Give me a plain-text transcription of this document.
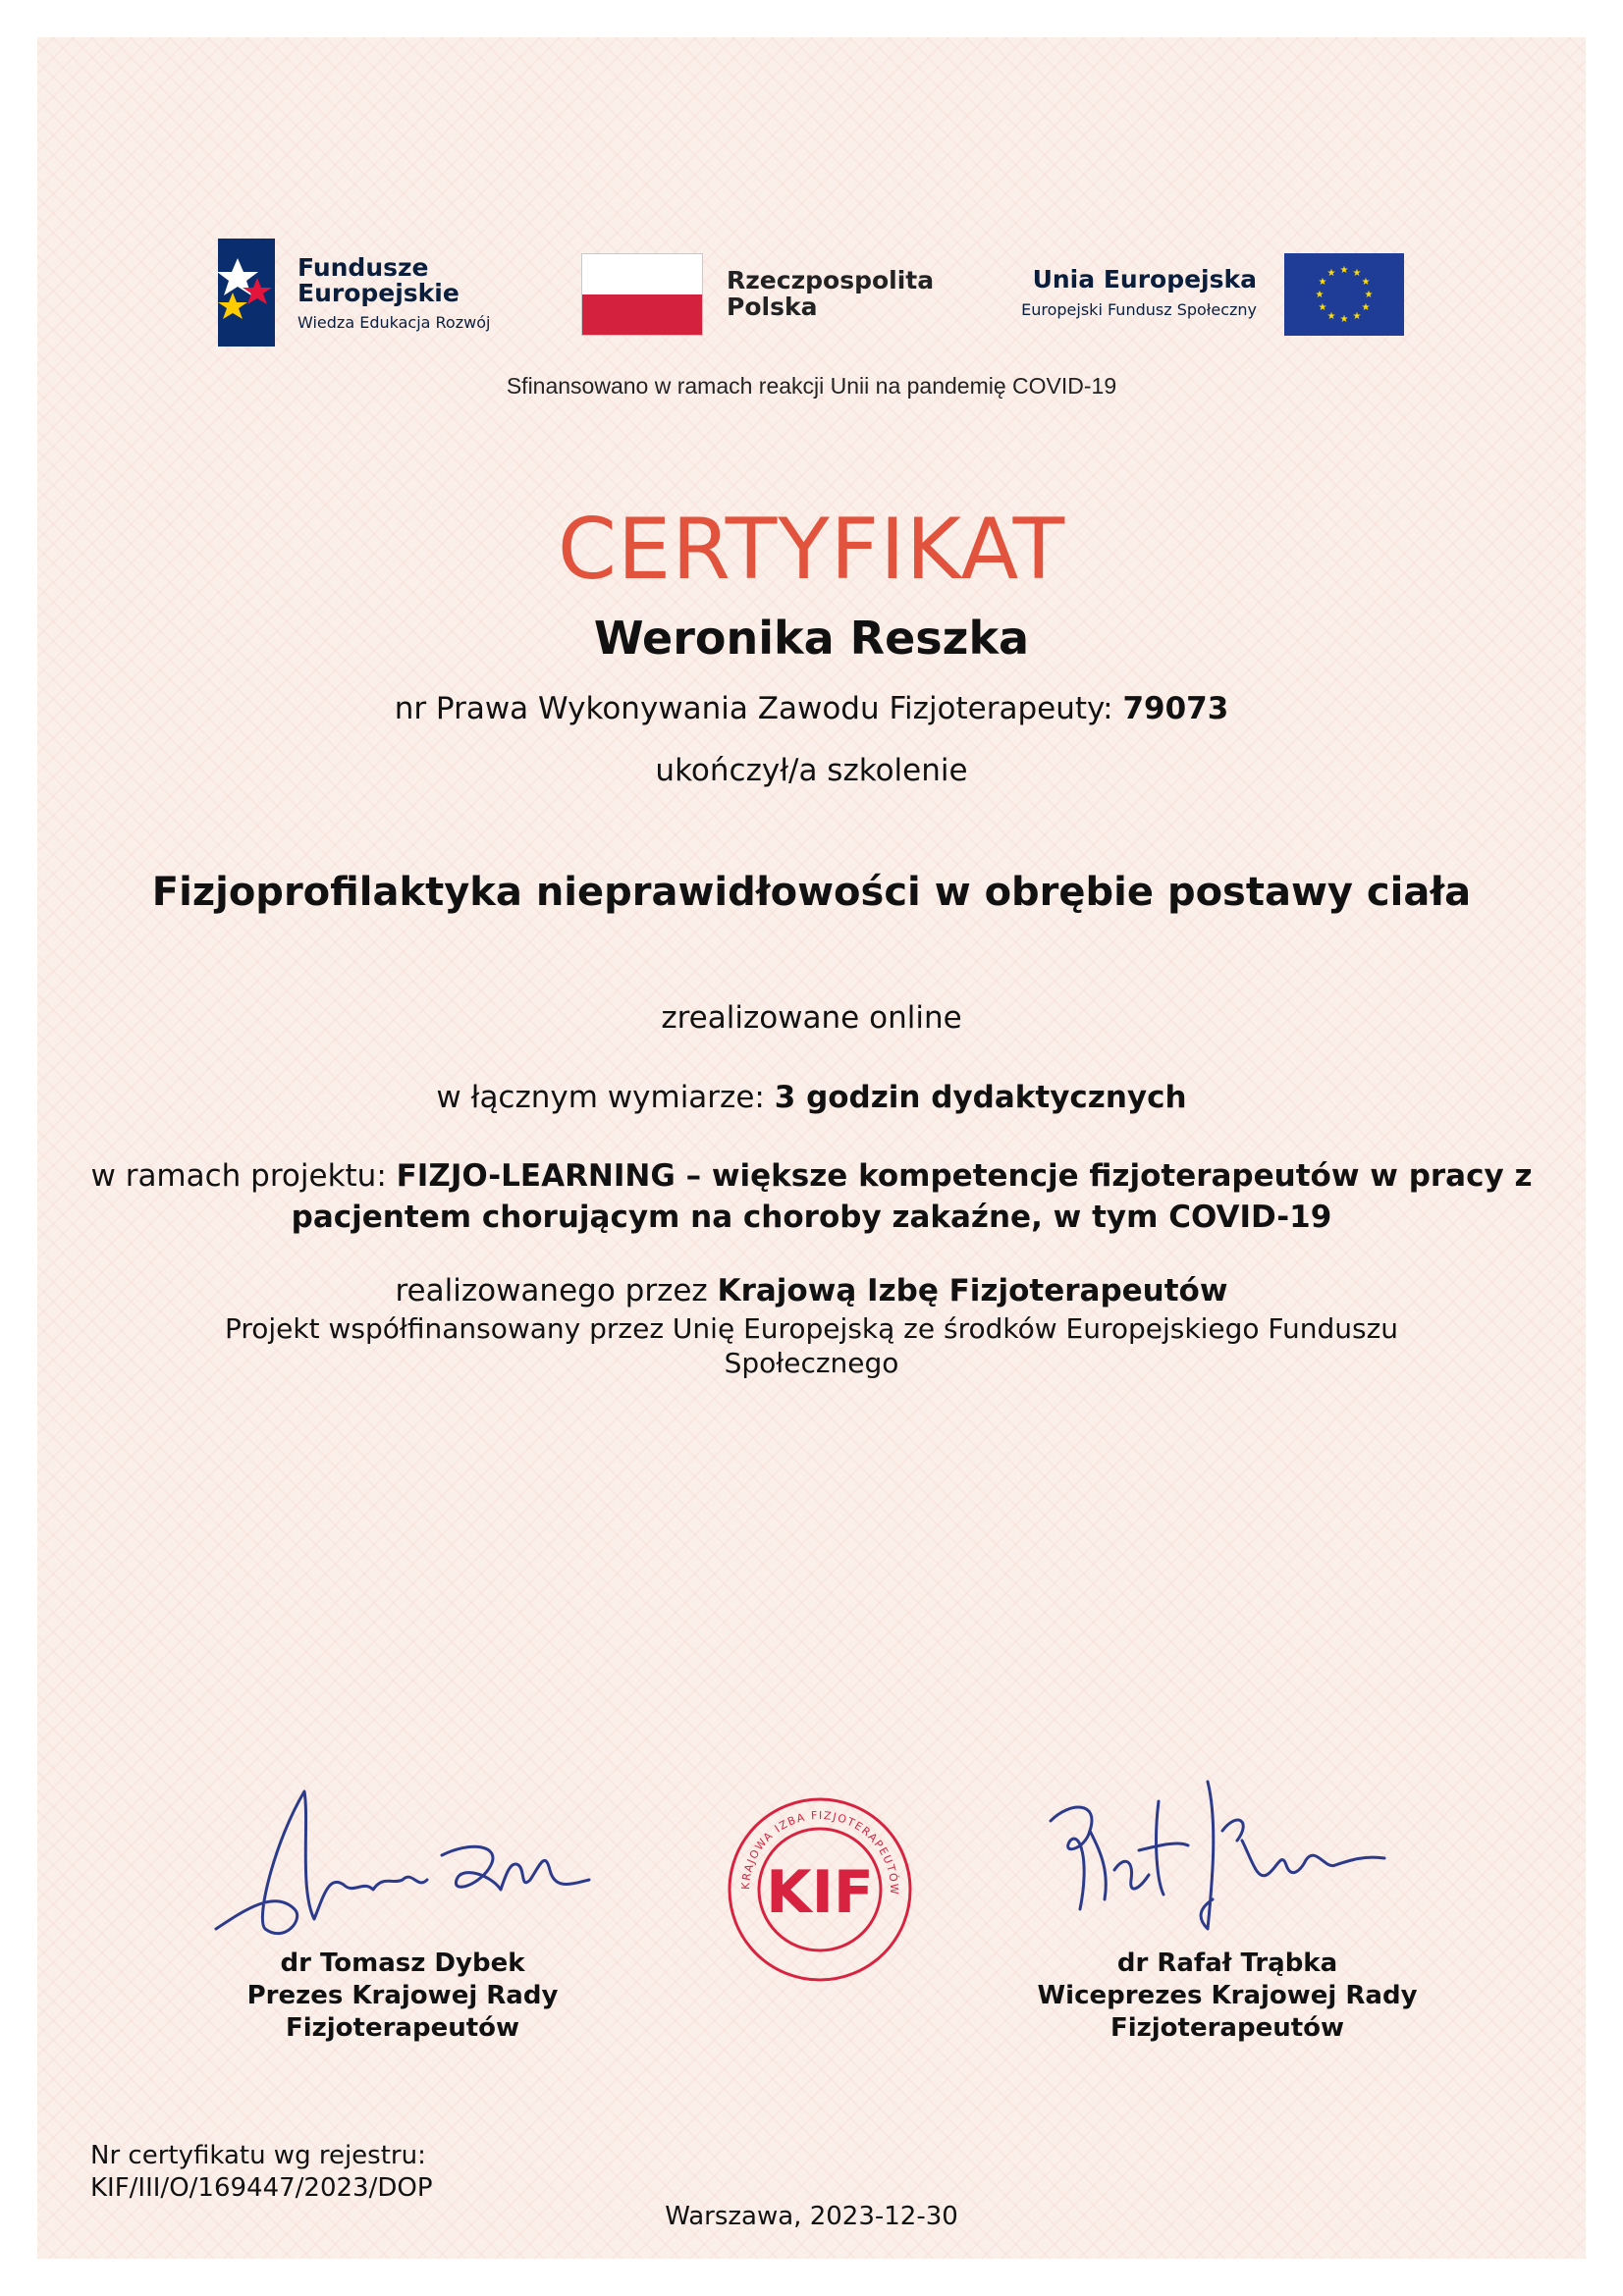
Fundusze
Europejskie
Wiedza Edukacja Rozwój
Rzeczpospolita
Polska
Unia Europejska
Europejski Fundusz Społeczny
★ ★
★
★
★
★
★
★
★
★
★
★
Sfinansowano w ramach reakcji Unii na pandemię COVID-19
CERTYFIKAT
Weronika Reszka
nr Prawa Wykonywania Zawodu Fizjoterapeuty: 79073
ukończył/a szkolenie
Fizjoprofilaktyka nieprawidłowości w obrębie postawy ciała
zrealizowane online
w łącznym wymiarze: 3 godzin dydaktycznych
w ramach projektu: FIZJO-LEARNING – większe kompetencje fizjoterapeutów w pracy z pacjentem chorującym na choroby zakaźne, w tym COVID-19
realizowanego przez Krajową Izbę Fizjoterapeutów
Projekt współfinansowany przez Unię Europejską ze środków Europejskiego Funduszu Społecznego
KRAJOWA IZBA FIZJOTERAPEUTÓW
KIF
dr Tomasz Dybek
Prezes Krajowej Rady
Fizjoterapeutów
dr Rafał Trąbka
Wiceprezes Krajowej Rady
Fizjoterapeutów
Nr certyfikatu wg rejestru:
KIF/III/O/169447/2023/DOP
Warszawa, 2023-12-30
